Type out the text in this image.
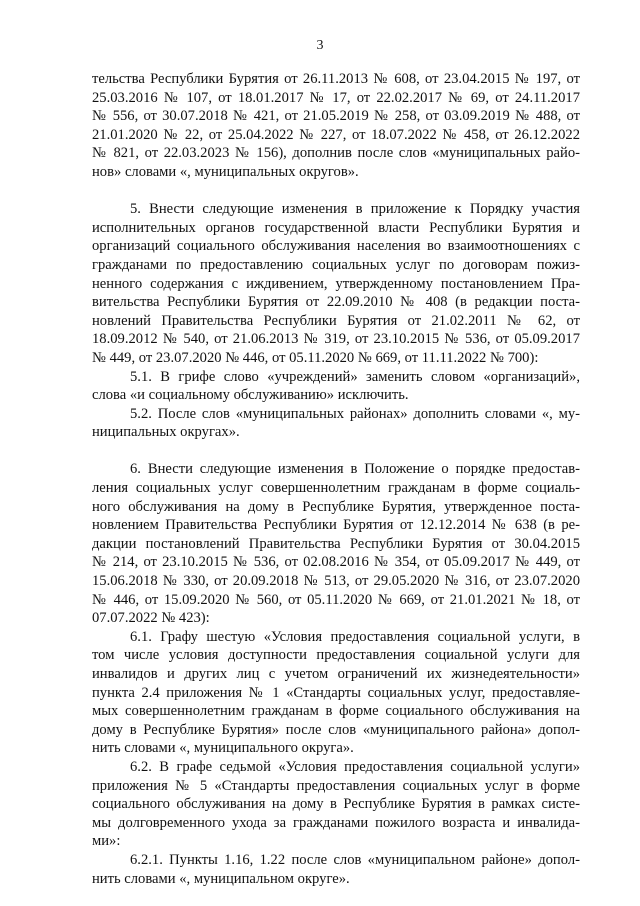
3
тельства Республики Бурятия от 26.11.2013 № 608, от 23.04.2015 № 197, от
25.03.2016 № 107, от 18.01.2017 № 17, от 22.02.2017 № 69, от 24.11.2017
№ 556, от 30.07.2018 № 421, от 21.05.2019 № 258, от 03.09.2019 № 488, от
21.01.2020 № 22, от 25.04.2022 № 227, от 18.07.2022 № 458, от 26.12.2022
№ 821, от 22.03.2023 № 156), дополнив после слов «муниципальных райо-
нов» словами «, муниципальных округов».
5. Внести следующие изменения в приложение к Порядку участия
исполнительных органов государственной власти Республики Бурятия и
организаций социального обслуживания населения во взаимоотношениях с
гражданами по предоставлению социальных услуг по договорам пожиз-
ненного содержания с иждивением, утвержденному постановлением Пра-
вительства Республики Бурятия от 22.09.2010 № 408 (в редакции поста-
новлений Правительства Республики Бурятия от 21.02.2011 № 62, от
18.09.2012 № 540, от 21.06.2013 № 319, от 23.10.2015 № 536, от 05.09.2017
№ 449, от 23.07.2020 № 446, от 05.11.2020 № 669, от 11.11.2022 № 700):
5.1. В грифе слово «учреждений» заменить словом «организаций»,
слова «и социальному обслуживанию» исключить.
5.2. После слов «муниципальных районах» дополнить словами «, му-
ниципальных округах».
6. Внести следующие изменения в Положение о порядке предостав-
ления социальных услуг совершеннолетним гражданам в форме социаль-
ного обслуживания на дому в Республике Бурятия, утвержденное поста-
новлением Правительства Республики Бурятия от 12.12.2014 № 638 (в ре-
дакции постановлений Правительства Республики Бурятия от 30.04.2015
№ 214, от 23.10.2015 № 536, от 02.08.2016 № 354, от 05.09.2017 № 449, от
15.06.2018 № 330, от 20.09.2018 № 513, от 29.05.2020 № 316, от 23.07.2020
№ 446, от 15.09.2020 № 560, от 05.11.2020 № 669, от 21.01.2021 № 18, от
07.07.2022 № 423):
6.1. Графу шестую «Условия предоставления социальной услуги, в
том числе условия доступности предоставления социальной услуги для
инвалидов и других лиц с учетом ограничений их жизнедеятельности»
пункта 2.4 приложения № 1 «Стандарты социальных услуг, предоставляе-
мых совершеннолетним гражданам в форме социального обслуживания на
дому в Республике Бурятия» после слов «муниципального района» допол-
нить словами «, муниципального округа».
6.2. В графе седьмой «Условия предоставления социальной услуги»
приложения № 5 «Стандарты предоставления социальных услуг в форме
социального обслуживания на дому в Республике Бурятия в рамках систе-
мы долговременного ухода за гражданами пожилого возраста и инвалида-
ми»:
6.2.1. Пункты 1.16, 1.22 после слов «муниципальном районе» допол-
нить словами «, муниципальном округе».
